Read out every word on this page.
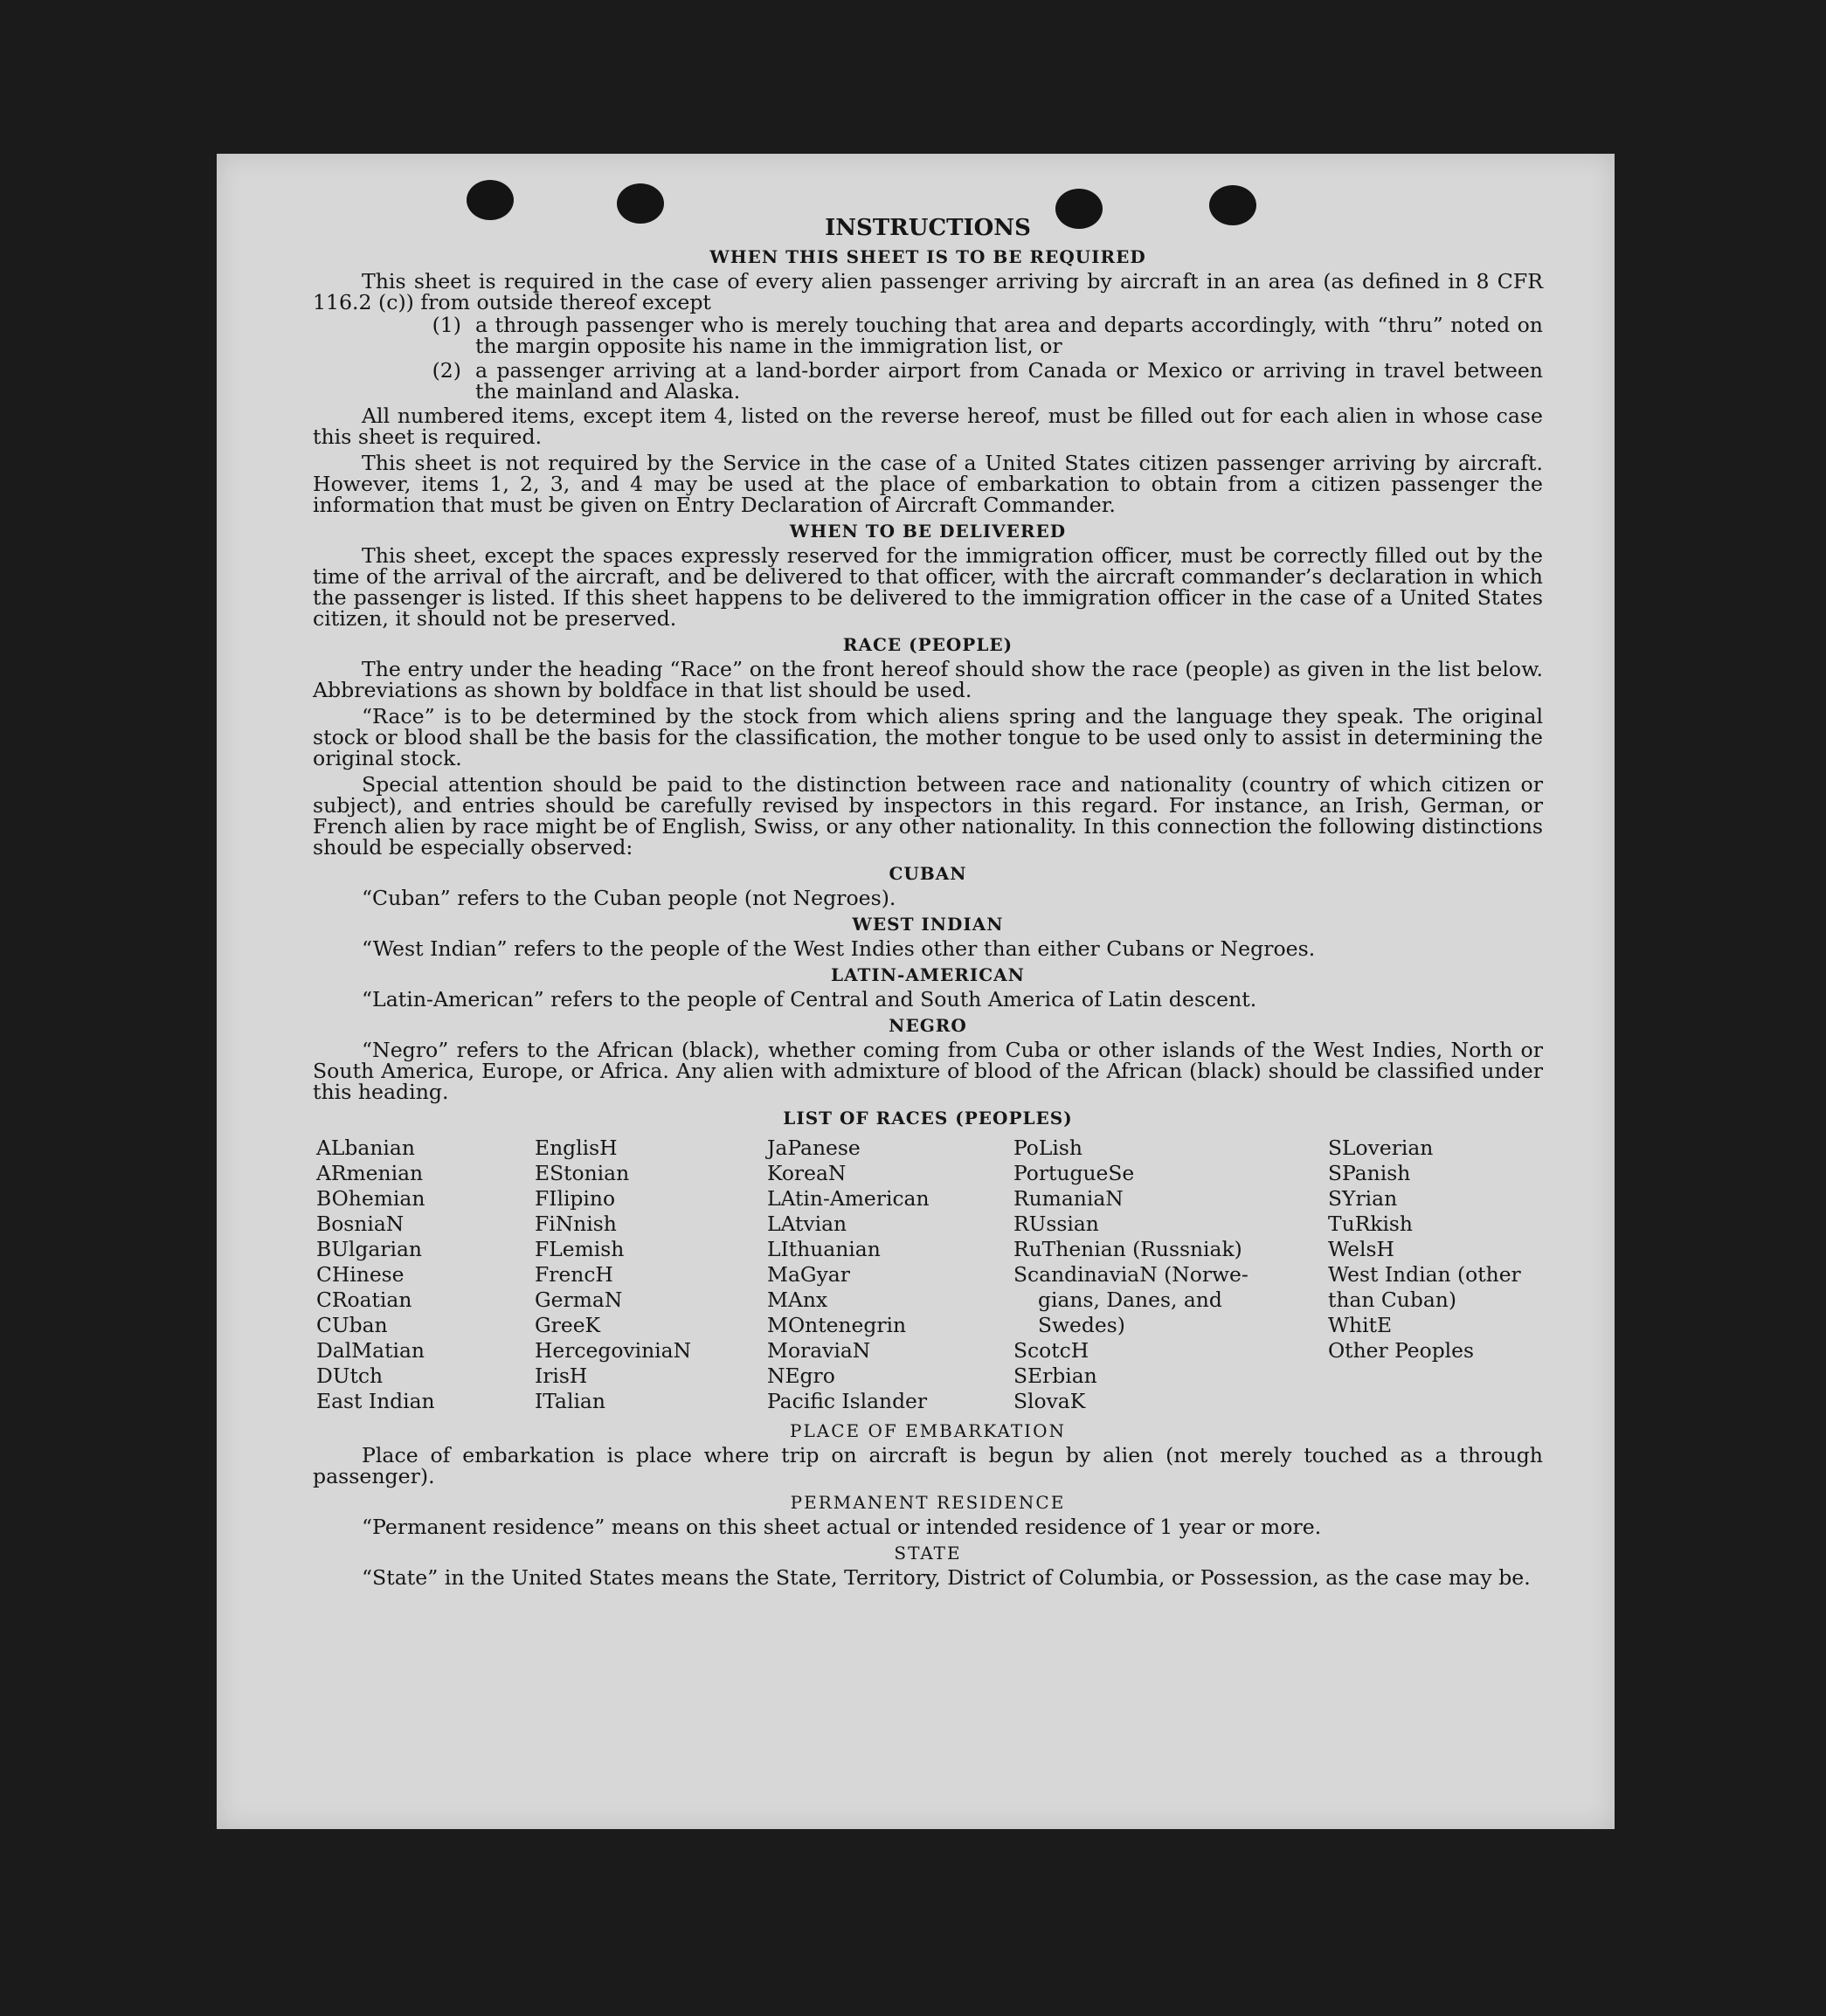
INSTRUCTIONS
WHEN THIS SHEET IS TO BE REQUIRED

This sheet is required in the case of every alien passenger arriving by aircraft in an area (as defined in 8 CFR 116.2 (c)) from outside thereof except

(1) a through passenger who is merely touching that area and departs accordingly, with “thru” noted on the margin opposite his name in the immigration list, or
(2) a passenger arriving at a land-border airport from Canada or Mexico or arriving in travel between the mainland and Alaska.

All numbered items, except item 4, listed on the reverse hereof, must be filled out for each alien in whose case this sheet is required.

This sheet is not required by the Service in the case of a United States citizen passenger arriving by aircraft. However, items 1, 2, 3, and 4 may be used at the place of embarkation to obtain from a citizen passenger the information that must be given on Entry Declaration of Aircraft Commander.

WHEN TO BE DELIVERED

This sheet, except the spaces expressly reserved for the immigration officer, must be correctly filled out by the time of the arrival of the aircraft, and be delivered to that officer, with the aircraft commander’s declaration in which the passenger is listed. If this sheet happens to be delivered to the immigration officer in the case of a United States citizen, it should not be preserved.

RACE (PEOPLE)

The entry under the heading “Race” on the front hereof should show the race (people) as given in the list below. Abbreviations as shown by boldface in that list should be used.

“Race” is to be determined by the stock from which aliens spring and the language they speak. The original stock or blood shall be the basis for the classification, the mother tongue to be used only to assist in determining the original stock.

Special attention should be paid to the distinction between race and nationality (country of which citizen or subject), and entries should be carefully revised by inspectors in this regard. For instance, an Irish, German, or French alien by race might be of English, Swiss, or any other nationality. In this connection the following distinctions should be especially observed:

CUBAN

“Cuban” refers to the Cuban people (not Negroes).

WEST INDIAN

“West Indian” refers to the people of the West Indies other than either Cubans or Negroes.

LATIN-AMERICAN

“Latin-American” refers to the people of Central and South America of Latin descent.

NEGRO

“Negro” refers to the African (black), whether coming from Cuba or other islands of the West Indies, North or South America, Europe, or Africa. Any alien with admixture of blood of the African (black) should be classified under this heading.

LIST OF RACES (PEOPLES)
ALbanian
ARmenian
BOhemian
BosniaN
BUlgarian
CHinese
CRoatian
CUban
DalMatian
DUtch
East Indian
EnglisH
EStonian
FIlipino
FiNnish
FLemish
FrencH
GermaN
GreeK
HercegoviniaN
IrisH
ITalian
JaPanese
KoreaN
LAtin-American
LAtvian
LIthuanian
MaGyar
MAnx
MOntenegrin
MoraviaN
NEgro
Pacific Islander
PoLish
PortugueSe
RumaniaN
RUssian
RuThenian (Russniak)
ScandinaviaN (Norwe-
gians, Danes, and
Swedes)
ScotcH
SErbian
SlovaK
SLoverian
SPanish
SYrian
TuRkish
WelsH
West Indian (other
than Cuban)
WhitE
Other Peoples
PLACE OF EMBARKATION

Place of embarkation is place where trip on aircraft is begun by alien (not merely touched as a through passenger).

PERMANENT RESIDENCE

“Permanent residence” means on this sheet actual or intended residence of 1 year or more.

STATE

“State” in the United States means the State, Territory, District of Columbia, or Possession, as the case may be.
